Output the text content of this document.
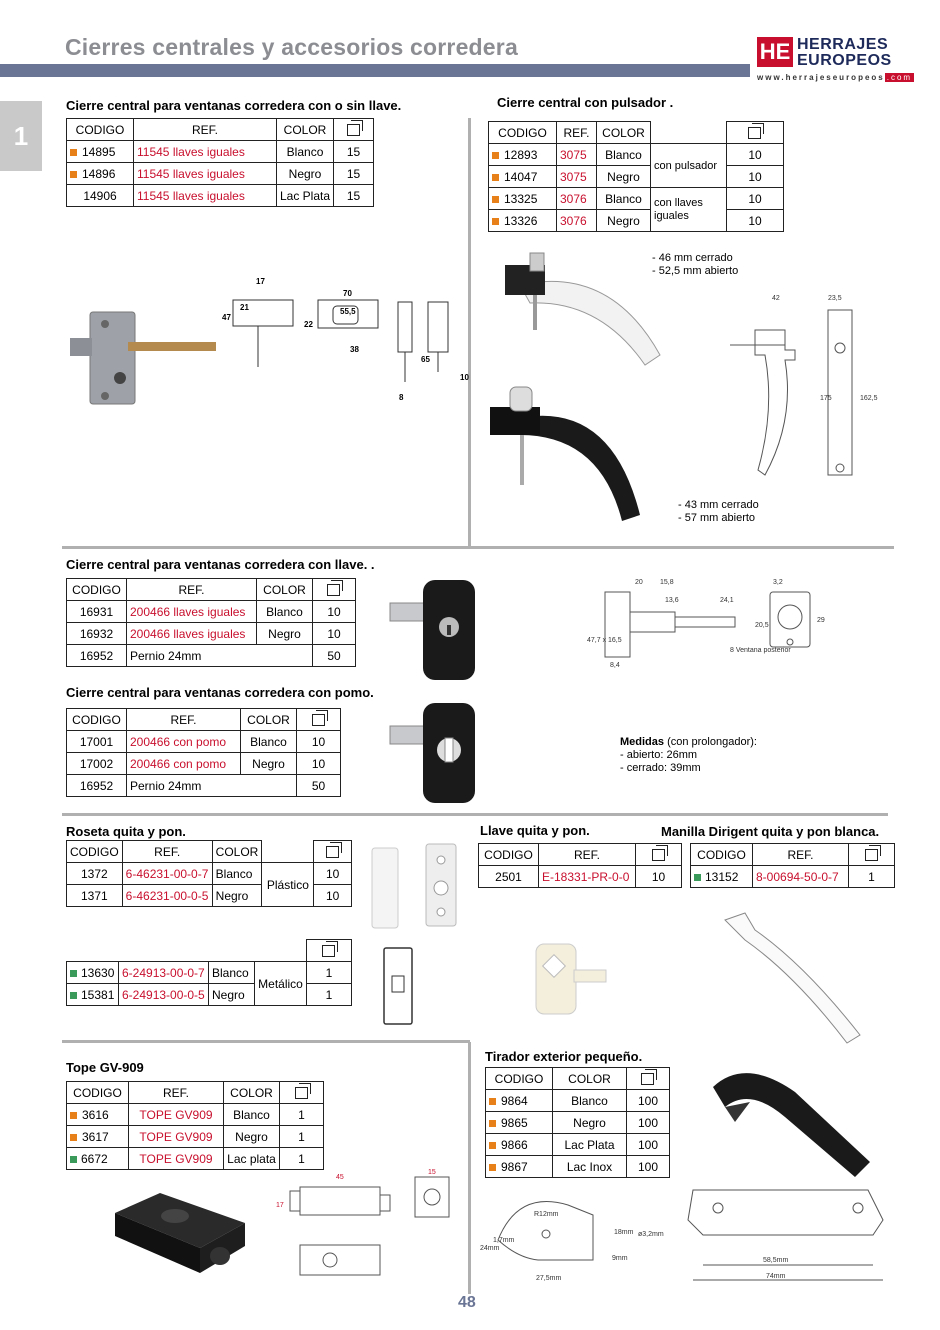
Cierres centrales y accesorios corredera	HE HERRAJES
EUROPEOS
www.herrajeseuropeos .com
1
Cierre central para ventanas corredera con o sin llave.
CODIGO	REF.	COLOR	
14895	11545 llaves iguales	Blanco	15
14896	11545 llaves iguales	Negro	15
14906	11545 llaves iguales	Lac Plata	15
17
47
21
22
70
55,5
38
65
10
8
Cierre central con pulsador .
CODIGO	REF.	COLOR		
12893	3075	Blanco	con pulsador	10
14047	3075	Negro		10
13325	3076	Blanco	con llaves iguales	10
13326	3076	Negro		10
- 46 mm cerrado
- 52,5 mm abierto
- 43 mm cerrado
- 57 mm abierto
42	23,5
175	162,5
Cierre central para ventanas corredera con llave. .
CODIGO	REF.	COLOR	
16931	200466 llaves iguales	Blanco	10
16932	200466 llaves iguales	Negro	10
16952	Pernio 24mm		50
20 15,8
13,6	24,1
3,2
8,4
29
20,5
47,7 x 16,5
8 Ventana posterior
Cierre central para ventanas corredera con pomo.
CODIGO	REF.	COLOR	
17001	200466 con pomo	Blanco	10
17002	200466 con pomo	Negro	10
16952	Pernio 24mm		50
Medidas (con prolongador):
- abierto: 26mm
- cerrado: 39mm
Roseta quita y pon.
CODIGO	REF.	COLOR		
1372	6-46231-00-0-7	Blanco	Plástico	10
1371	6-46231-00-0-5	Negro		10

13630	6-24913-00-0-7	Blanco	Metálico	1
15381	6-24913-00-0-5	Negro		1
Llave quita y pon.
CODIGO	REF.	
2501	E-18331-PR-0-0	10
Manilla Dirigent quita y pon blanca.
CODIGO	REF.	
13152	8-00694-50-0-7	1
Tope GV-909
CODIGO	REF.	COLOR	
3616	TOPE GV909	Blanco	1
3617	TOPE GV909	Negro	1
6672	TOPE GV909	Lac plata	1
45
15
17
Tirador exterior pequeño.
CODIGO	COLOR	
9864	Blanco	100
9865	Negro	100
9866	Lac Plata	100
9867	Lac Inox	100
R12mm
1,7mm
24mm
18mm
9mm
27,5mm
ø3,2mm
58,5mm
74mm
48
